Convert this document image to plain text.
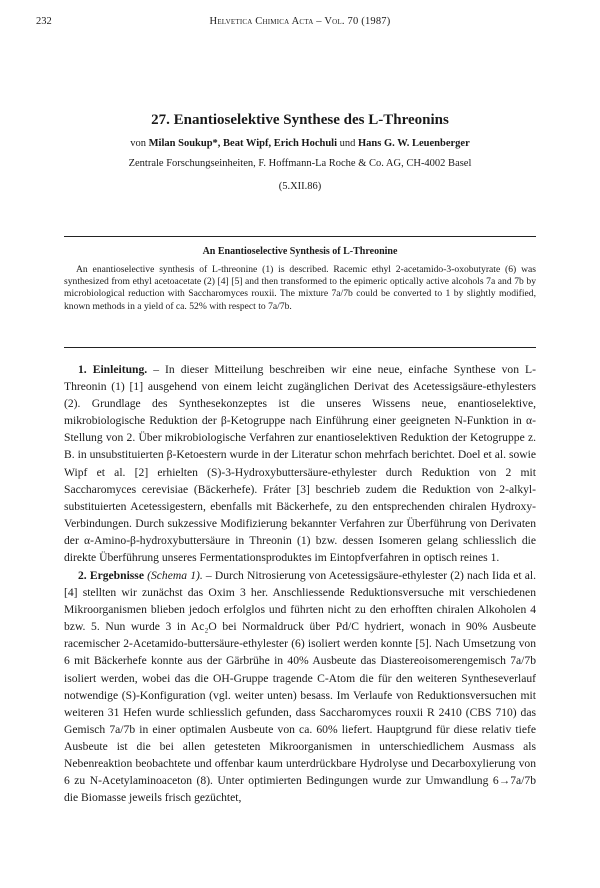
232	Helvetica Chimica Acta – Vol. 70 (1987)
27. Enantioselektive Synthese des L-Threonins
von Milan Soukup*, Beat Wipf, Erich Hochuli und Hans G. W. Leuenberger
Zentrale Forschungseinheiten, F. Hoffmann-La Roche & Co. AG, CH-4002 Basel
(5.XII.86)
An Enantioselective Synthesis of L-Threonine
An enantioselective synthesis of L-threonine (1) is described. Racemic ethyl 2-acetamido-3-oxobutyrate (6) was synthesized from ethyl acetoacetate (2) [4] [5] and then transformed to the epimeric optically active alcohols 7a and 7b by microbiological reduction with Saccharomyces rouxii. The mixture 7a/7b could be converted to 1 by slightly modified, known methods in a yield of ca. 52% with respect to 7a/7b.

1. Einleitung. – In dieser Mitteilung beschreiben wir eine neue, einfache Synthese von L-Threonin (1) [1] ausgehend von einem leicht zugänglichen Derivat des Acetessigsäure-ethylesters (2). Grundlage des Synthesekonzeptes ist die unseres Wissens neue, enantioselektive, mikrobiologische Reduktion der β-Ketogruppe nach Einführung einer geeigneten N-Funktion in α-Stellung von 2. Über mikrobiologische Verfahren zur enantioselektiven Reduktion der Ketogruppe z. B. in unsubstituierten β-Ketoestern wurde in der Literatur schon mehrfach berichtet. Doel et al. sowie Wipf et al. [2] erhielten (S)-3-Hydroxybuttersäure-ethylester durch Reduktion von 2 mit Saccharomyces cerevisiae (Bäckerhefe). Fráter [3] beschrieb zudem die Reduktion von 2-alkyl-substituierten Acetessigestern, ebenfalls mit Bäckerhefe, zu den entsprechenden chiralen Hydroxy-Verbindungen. Durch sukzessive Modifizierung bekannter Verfahren zur Überführung von Derivaten der α-Amino-β-hydroxybuttersäure in Threonin (1) bzw. dessen Isomeren gelang schliesslich die direkte Überführung unseres Fermentationsproduktes im Eintopfverfahren in optisch reines 1.

2. Ergebnisse (Schema 1). – Durch Nitrosierung von Acetessigsäure-ethylester (2) nach Iida et al. [4] stellten wir zunächst das Oxim 3 her. Anschliessende Reduktionsversuche mit verschiedenen Mikroorganismen blieben jedoch erfolglos und führten nicht zu den erhofften chiralen Alkoholen 4 bzw. 5. Nun wurde 3 in Ac₂O bei Normaldruck über Pd/C hydriert, wonach in 90% Ausbeute racemischer 2-Acetamido-buttersäure-ethylester (6) isoliert werden konnte [5]. Nach Umsetzung von 6 mit Bäckerhefe konnte aus der Gärbrühe in 40% Ausbeute das Diastereoisomerengemisch 7a/7b isoliert werden, wobei das die OH-Gruppe tragende C-Atom die für den weiteren Syntheseverlauf notwendige (S)-Konfiguration (vgl. weiter unten) besass. Im Verlaufe von Reduktionsversuchen mit weiteren 31 Hefen wurde schliesslich gefunden, dass Saccharomyces rouxii R 2410 (CBS 710) das Gemisch 7a/7b in einer optimalen Ausbeute von ca. 60% liefert. Hauptgrund für diese relativ tiefe Ausbeute ist die bei allen getesteten Mikroorganismen in unterschiedlichem Ausmass als Nebenreaktion beobachtete und offenbar kaum unterdrückbare Hydrolyse und Decarboxylierung von 6 zu N-Acetylaminoaceton (8). Unter optimierten Bedingungen wurde zur Umwandlung 6→7a/7b die Biomasse jeweils frisch gezüchtet,
